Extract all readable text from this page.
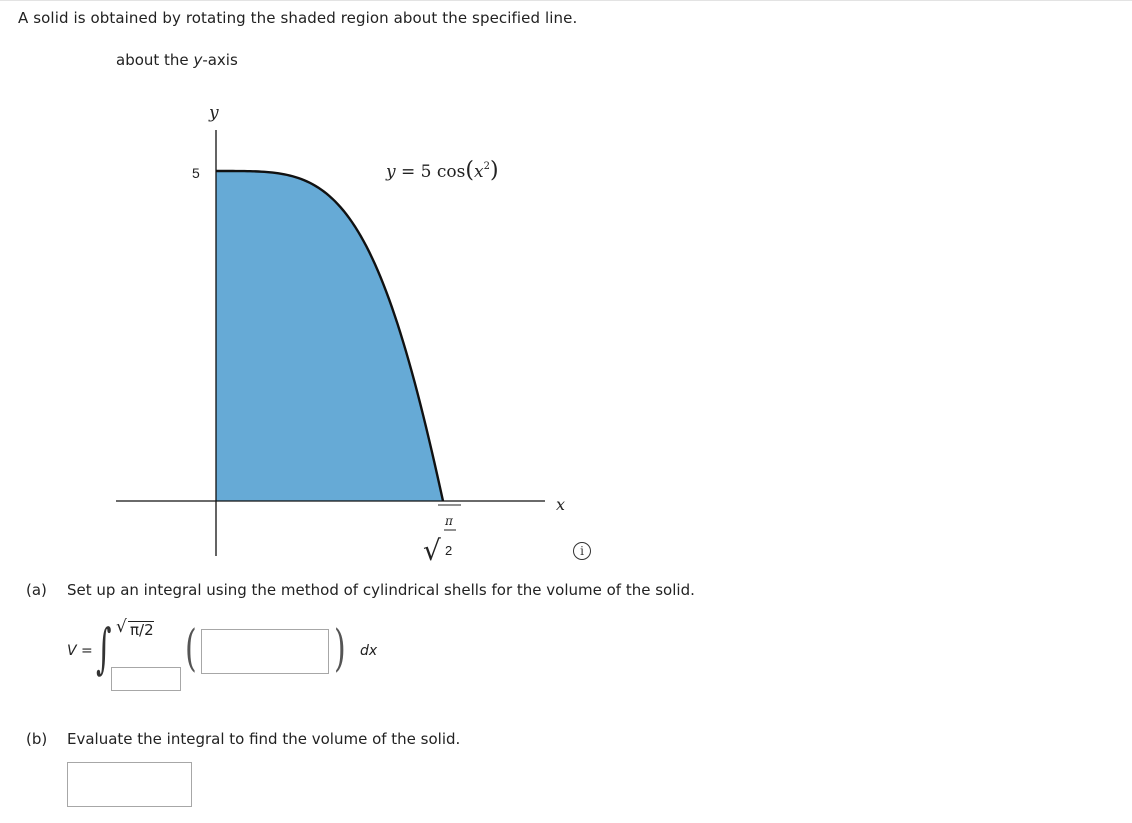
A solid is obtained by rotating the shaded region about the specified line.
about the y-axis
y
x
5	y = 5 $\cos(x^2)$
√
π
2	i
(a) Set up an integral using the method of cylindrical shells for the volume of the solid.
V = ∫ √ π/2 (	) dx
(b) Evaluate the integral to find the volume of the solid.
